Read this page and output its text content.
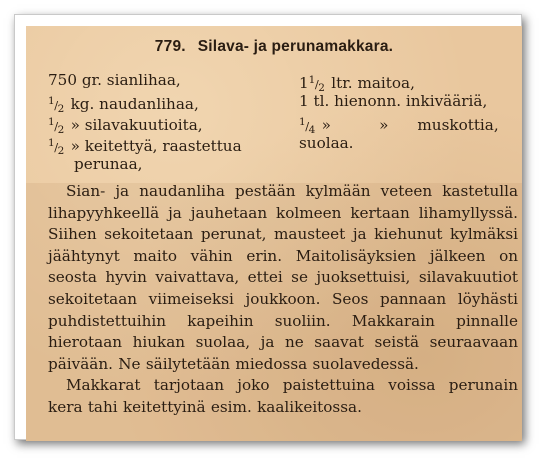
779. Silava- ja perunamakkara.
750 gr. sianlihaa,
$^1/_2$ kg. naudanlihaa,
$^1/_2$ » silavakuutioita,
$^1/_2$ » keitettyä, raastettua
perunaa,
$1^1/_2$ ltr. maitoa,
1 tl. hienonn. inkivääriä,
$^1/_4$ »          »      muskottia,
suolaa.

Sian- ja naudanliha pestään kylmään veteen kastetulla lihapyyhkeellä ja jauhetaan kolmeen kertaan lihamyllyssä. Siihen sekoitetaan perunat, mausteet ja kiehunut kylmäksi jäähtynyt maito vähin erin. Maitolisäyksien jälkeen on seosta hyvin vaivattava, ettei se juoksettuisi, silavakuutiot sekoitetaan viimeiseksi joukkoon. Seos pannaan löyhästi puhdistettuihin kapeihin suoliin. Makkarain pinnalle hierotaan hiukan suolaa, ja ne saavat seistä seuraavaan päivään. Ne säilytetään miedossa suolavedessä.

Makkarat tarjotaan joko paistettuina voissa perunain kera tahi keitettyinä esim. kaalikeitossa.
